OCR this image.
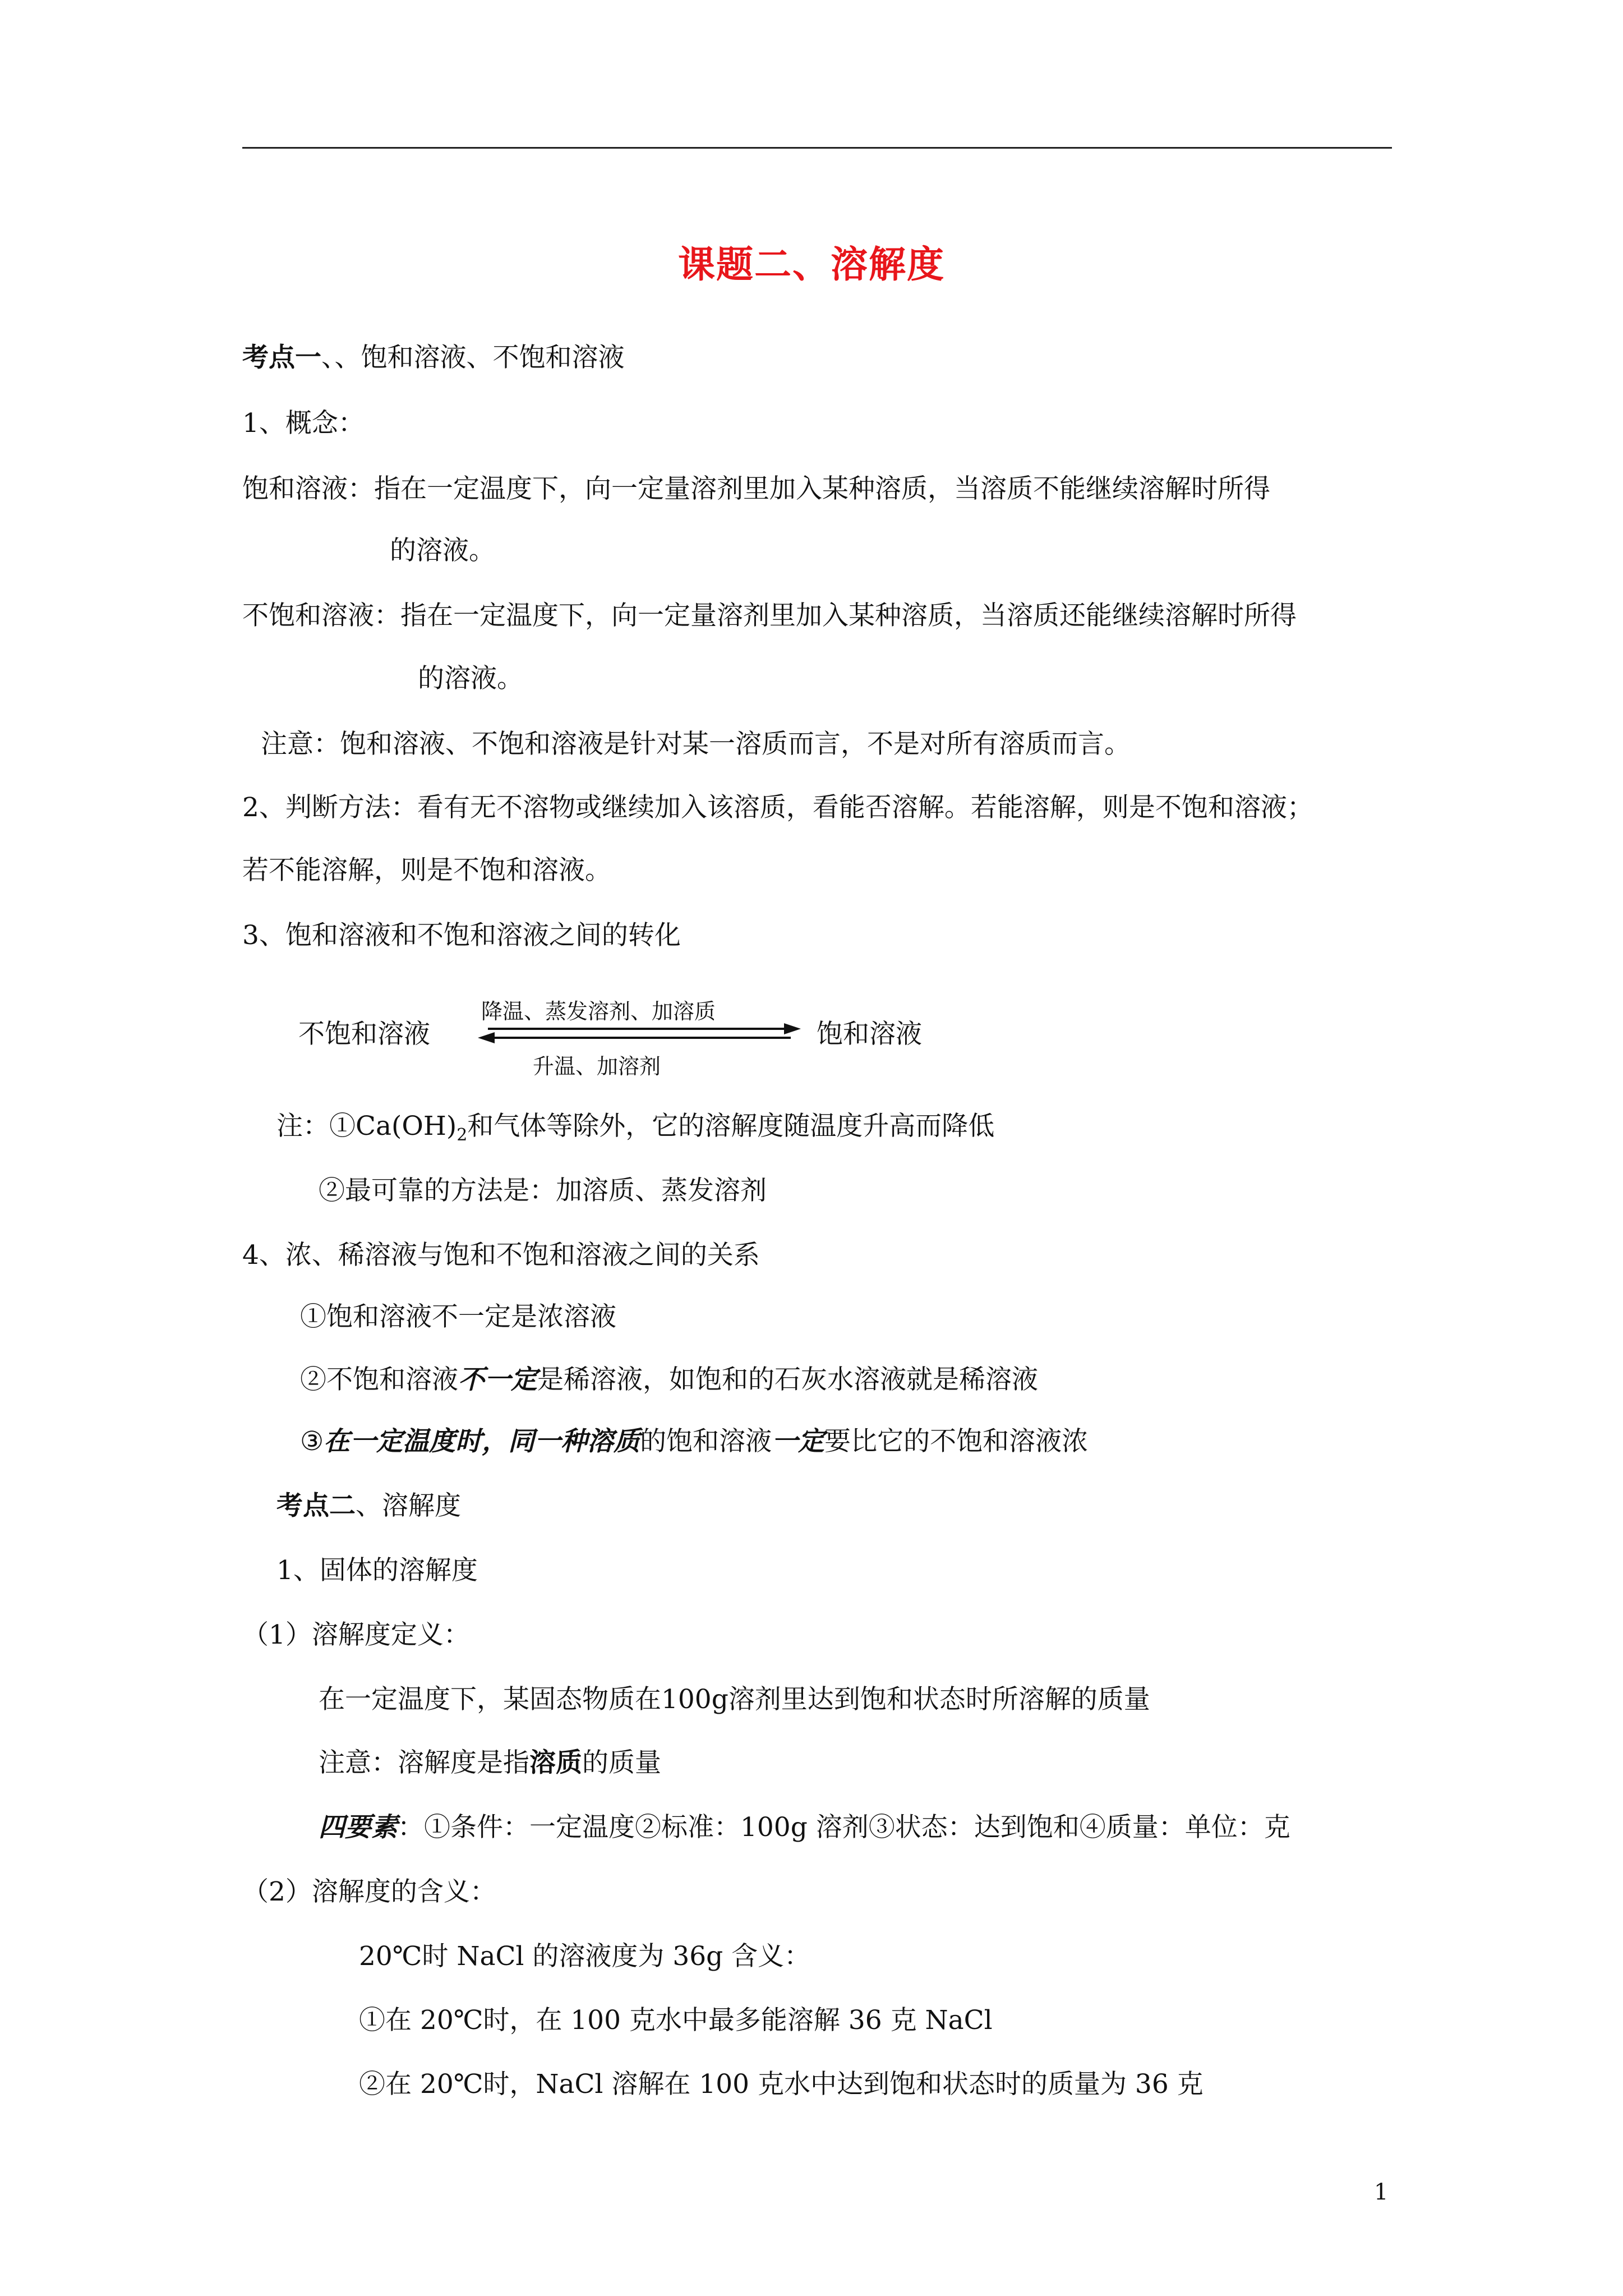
课题二、溶解度
考点一、、饱和溶液、不饱和溶液
1、概念：
饱和溶液：指在一定温度下，向一定量溶剂里加入某种溶质，当溶质不能继续溶解时所得
的溶液。
不饱和溶液：指在一定温度下，向一定量溶剂里加入某种溶质，当溶质还能继续溶解时所得
的溶液。
注意：饱和溶液、不饱和溶液是针对某一溶质而言，不是对所有溶质而言。
2、判断方法：看有无不溶物或继续加入该溶质，看能否溶解。若能溶解，则是不饱和溶液；
若不能溶解，则是不饱和溶液。
3、饱和溶液和不饱和溶液之间的转化
不饱和溶液
降温、蒸发溶剂、加溶质
升温、加溶剂
饱和溶液
注：$①Ca(OH)_2$和气体等除外，它的溶解度随温度升高而降低
②最可靠的方法是：加溶质、蒸发溶剂
4、浓、稀溶液与饱和不饱和溶液之间的关系
①饱和溶液不一定是浓溶液
②不饱和溶液不一定是稀溶液，如饱和的石灰水溶液就是稀溶液
③在一定温度时，同一种溶质的饱和溶液一定要比它的不饱和溶液浓
考点二、溶解度
1、固体的溶解度
（1）溶解度定义：
在一定温度下，某固态物质在100g溶剂里达到饱和状态时所溶解的质量
注意：溶解度是指溶质的质量
四要素：①条件：一定温度②标准：100g 溶剂③状态：达到饱和④质量：单位：克
（2）溶解度的含义：
20℃时 NaCl 的溶液度为 36g 含义：
①在 20℃时，在 100 克水中最多能溶解 36 克 NaCl
②在 20℃时，NaCl 溶解在 100 克水中达到饱和状态时的质量为 36 克
1
